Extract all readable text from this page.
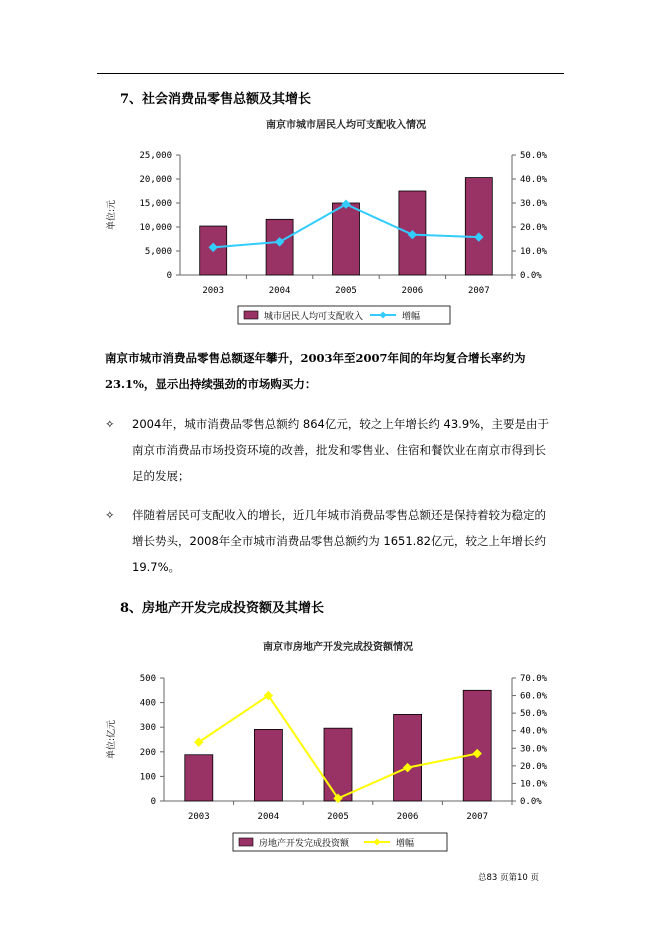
7、社会消费品零售总额及其增长
南京市城市居民人均可支配收入情况
25,000
20,000
15,000
10,000
5,000
0
50.0%
40.0%
30.0%
20.0%
10.0%
0.0%
单位:元
2003	2004	2005	2006	2007
城市居民人均可支配收入	增幅
南京市城市消费品零售总额逐年攀升，2003年至2007年间的年均复合增长率约为 23.1%，显示出持续强劲的市场购买力：
✧	2004年，城市消费品零售总额约 864亿元，较之上年增长约 43.9%，主要是由于南京市消费品市场投资环境的改善，批发和零售业、住宿和餐饮业在南京市得到长足的发展；
✧	伴随着居民可支配收入的增长，近几年城市消费品零售总额还是保持着较为稳定的增长势头，2008年全市城市消费品零售总额约为 1651.82亿元，较之上年增长约 19.7%。
8、房地产开发完成投资额及其增长
南京市房地产开发完成投资额情况
500
400
300
200
100
0
70.0%
60.0%
50.0%
40.0%
30.0%
20.0%
10.0%
0.0%
单位:亿元
2003	2004	2005	2006	2007
房地产开发完成投资额	增幅
总83 页第10 页
